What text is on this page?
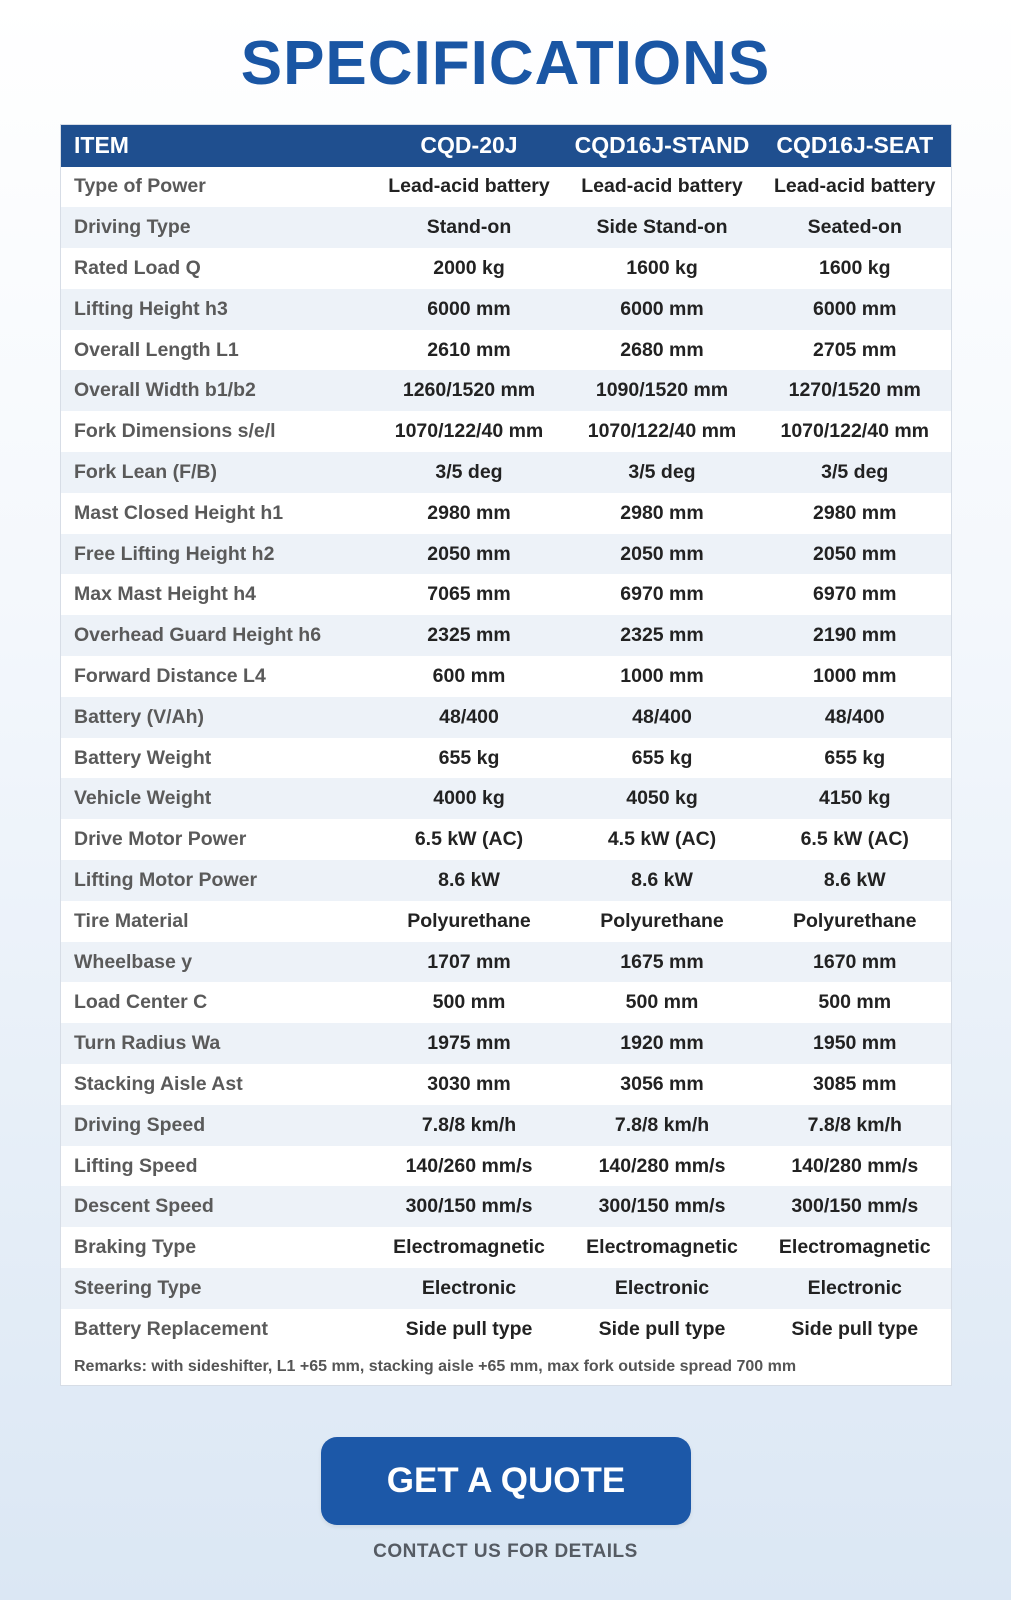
SPECIFICATIONS
ITEM	CQD-20J	CQD16J-STAND	CQD16J-SEAT
Type of Power	Lead-acid battery	Lead-acid battery	Lead-acid battery
Driving Type	Stand-on	Side Stand-on	Seated-on
Rated Load Q	2000 kg	1600 kg	1600 kg
Lifting Height h3	6000 mm	6000 mm	6000 mm
Overall Length L1	2610 mm	2680 mm	2705 mm
Overall Width b1/b2	1260/1520 mm	1090/1520 mm	1270/1520 mm
Fork Dimensions s/e/l	1070/122/40 mm	1070/122/40 mm	1070/122/40 mm
Fork Lean (F/B)	3/5 deg	3/5 deg	3/5 deg
Mast Closed Height h1	2980 mm	2980 mm	2980 mm
Free Lifting Height h2	2050 mm	2050 mm	2050 mm
Max Mast Height h4	7065 mm	6970 mm	6970 mm
Overhead Guard Height h6	2325 mm	2325 mm	2190 mm
Forward Distance L4	600 mm	1000 mm	1000 mm
Battery (V/Ah)	48/400	48/400	48/400
Battery Weight	655 kg	655 kg	655 kg
Vehicle Weight	4000 kg	4050 kg	4150 kg
Drive Motor Power	6.5 kW (AC)	4.5 kW (AC)	6.5 kW (AC)
Lifting Motor Power	8.6 kW	8.6 kW	8.6 kW
Tire Material	Polyurethane	Polyurethane	Polyurethane
Wheelbase y	1707 mm	1675 mm	1670 mm
Load Center C	500 mm	500 mm	500 mm
Turn Radius Wa	1975 mm	1920 mm	1950 mm
Stacking Aisle Ast	3030 mm	3056 mm	3085 mm
Driving Speed	7.8/8 km/h	7.8/8 km/h	7.8/8 km/h
Lifting Speed	140/260 mm/s	140/280 mm/s	140/280 mm/s
Descent Speed	300/150 mm/s	300/150 mm/s	300/150 mm/s
Braking Type	Electromagnetic	Electromagnetic	Electromagnetic
Steering Type	Electronic	Electronic	Electronic
Battery Replacement	Side pull type	Side pull type	Side pull type
Remarks: with sideshifter, L1 +65 mm, stacking aisle +65 mm, max fork outside spread 700 mm			
GET A QUOTE
CONTACT US FOR DETAILS
